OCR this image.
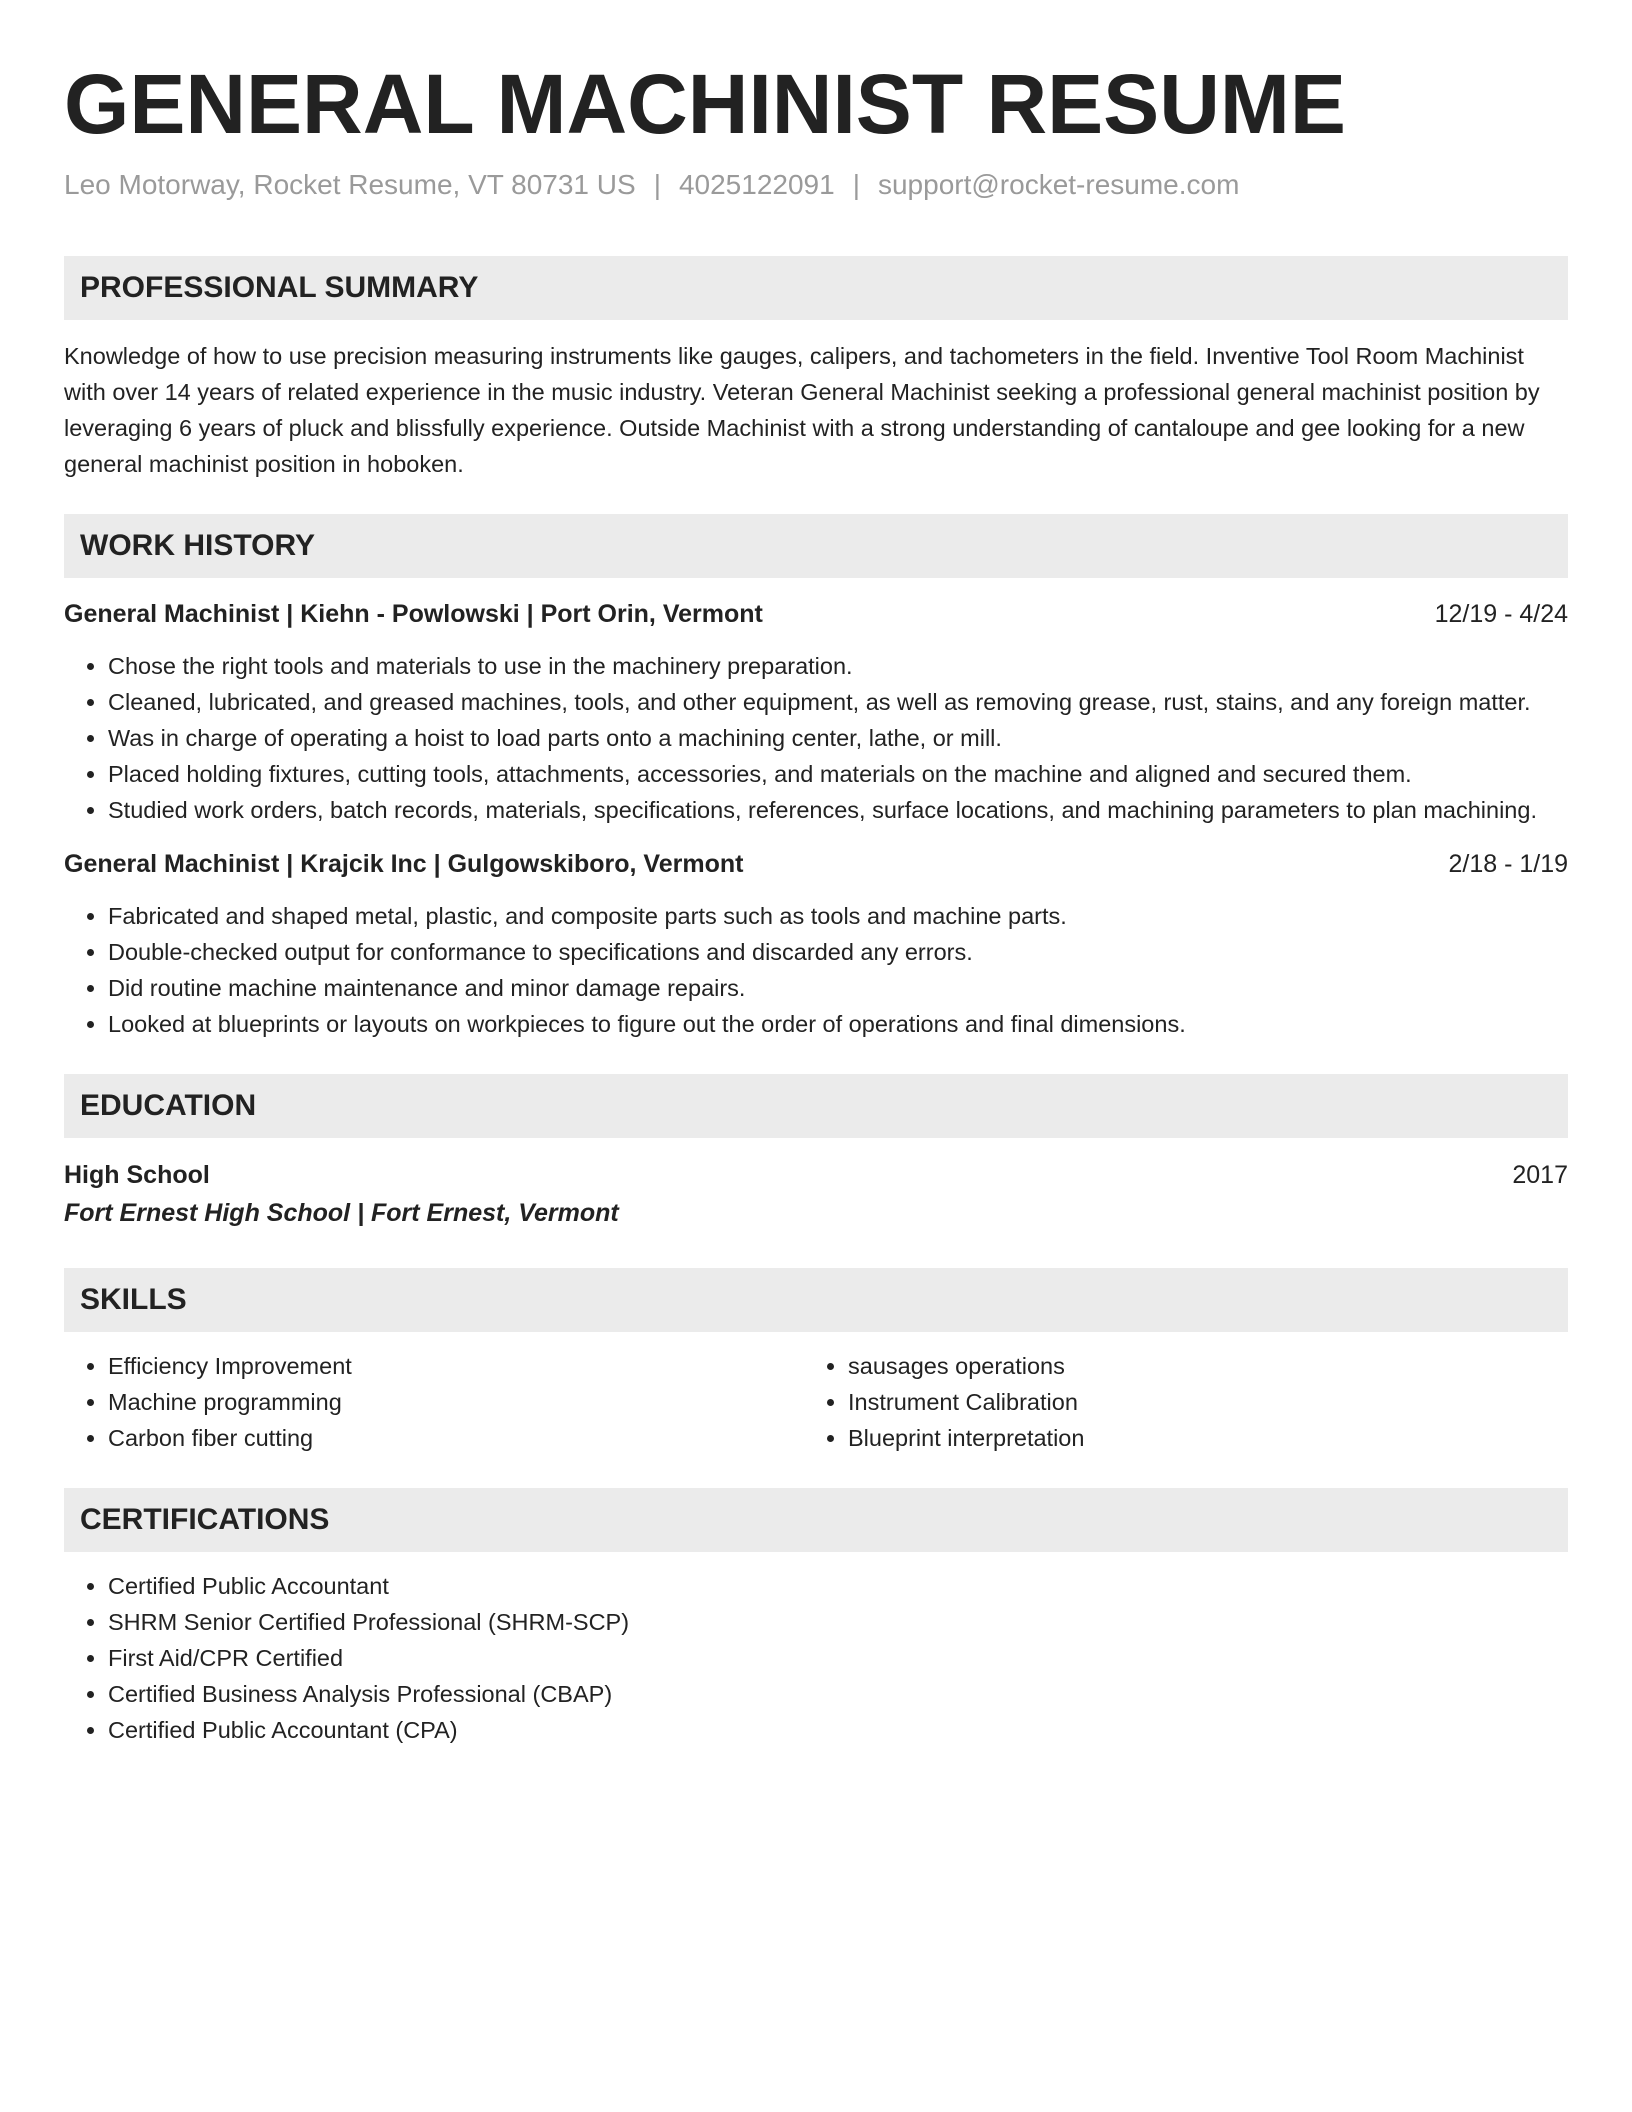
GENERAL MACHINIST RESUME
Leo Motorway, Rocket Resume, VT 80731 US | 4025122091 | support@rocket-resume.com
PROFESSIONAL SUMMARY
Knowledge of how to use precision measuring instruments like gauges, calipers, and tachometers in the field. Inventive Tool Room Machinist with over 14 years of related experience in the music industry. Veteran General Machinist seeking a professional general machinist position by leveraging 6 years of pluck and blissfully experience. Outside Machinist with a strong understanding of cantaloupe and gee looking for a new general machinist position in hoboken.
WORK HISTORY
General Machinist | Kiehn - Powlowski | Port Orin, Vermont	12/19 - 4/24
• Chose the right tools and materials to use in the machinery preparation.
• Cleaned, lubricated, and greased machines, tools, and other equipment, as well as removing grease, rust, stains, and any foreign matter.
• Was in charge of operating a hoist to load parts onto a machining center, lathe, or mill.
• Placed holding fixtures, cutting tools, attachments, accessories, and materials on the machine and aligned and secured them.
• Studied work orders, batch records, materials, specifications, references, surface locations, and machining parameters to plan machining.
General Machinist | Krajcik Inc | Gulgowskiboro, Vermont	2/18 - 1/19
• Fabricated and shaped metal, plastic, and composite parts such as tools and machine parts.
• Double-checked output for conformance to specifications and discarded any errors.
• Did routine machine maintenance and minor damage repairs.
• Looked at blueprints or layouts on workpieces to figure out the order of operations and final dimensions.
EDUCATION
High School	2017
Fort Ernest High School | Fort Ernest, Vermont
SKILLS
• Efficiency Improvement
• Machine programming
• Carbon fiber cutting
• sausages operations
• Instrument Calibration
• Blueprint interpretation
CERTIFICATIONS
• Certified Public Accountant
• SHRM Senior Certified Professional (SHRM-SCP)
• First Aid/CPR Certified
• Certified Business Analysis Professional (CBAP)
• Certified Public Accountant (CPA)
